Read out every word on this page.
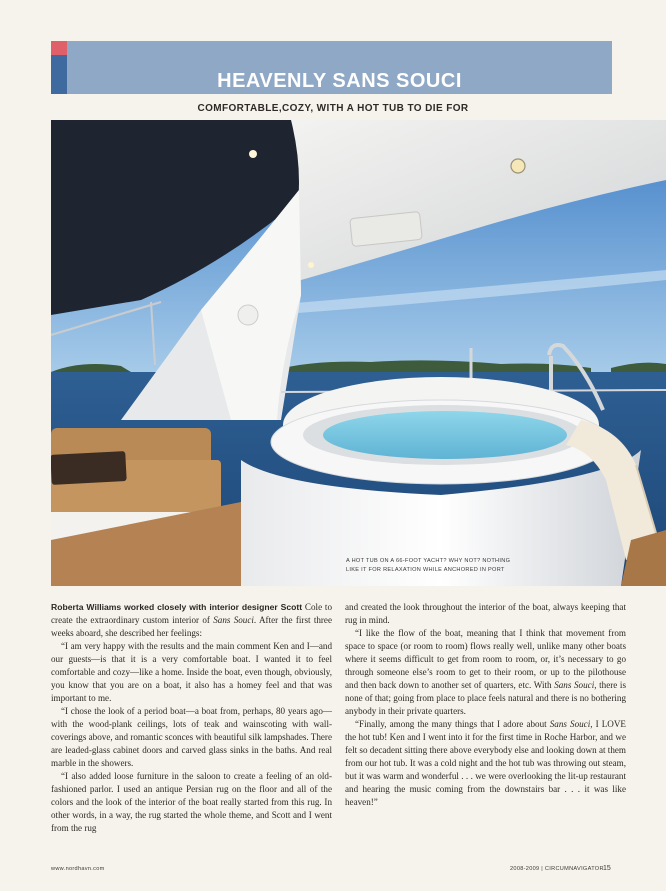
HEAVENLY SANS SOUCI
COMFORTABLE,COZY, WITH A HOT TUB TO DIE FOR
A HOT TUB ON A 66-FOOT YACHT? WHY NOT? NOTHING
LIKE IT FOR RELAXATION WHILE ANCHORED IN PORT

Roberta Williams worked closely with interior designer Scott Cole to create the extraordinary custom interior of Sans Souci. After the first three weeks aboard, she described her feelings:

“I am very happy with the results and the main comment Ken and I—and our guests—is that it is a very comfortable boat. I wanted it to feel comfortable and cozy—like a home. Inside the boat, even though, obviously, you know that you are on a boat, it also has a homey feel and that was important to me.

“I chose the look of a period boat—a boat from, perhaps, 80 years ago—with the wood-plank ceilings, lots of teak and wainscoting with wall-coverings above, and romantic sconces with beautiful silk lampshades. There are leaded-glass cabinet doors and carved glass sinks in the baths. And real marble in the showers.

“I also added loose furniture in the saloon to create a feeling of an old-fashioned parlor. I used an antique Persian rug on the floor and all of the colors and the look of the interior of the boat really started from this rug. In other words, in a way, the rug started the whole theme, and Scott and I went from the rug

and created the look throughout the interior of the boat, always keeping that rug in mind.

“I like the flow of the boat, meaning that I think that movement from space to space (or room to room) flows really well, unlike many other boats where it seems difficult to get from room to room, or, it’s necessary to go through someone else’s room to get to their room, or up to the pilothouse and then back down to another set of quarters, etc. With Sans Souci, there is none of that; going from place to place feels natural and there is no bothering anybody in their private quarters.

“Finally, among the many things that I adore about Sans Souci, I LOVE the hot tub! Ken and I went into it for the first time in Roche Harbor, and we felt so decadent sitting there above everybody else and looking down at them from our hot tub. It was a cold night and the hot tub was throwing out steam, but it was warm and wonderful . . . we were overlooking the lit-up restaurant and hearing the music coming from the downstairs bar . . . it was like heaven!”

www.nordhavn.com	2008-2009 | CIRCUMNAVIGATOR 15
